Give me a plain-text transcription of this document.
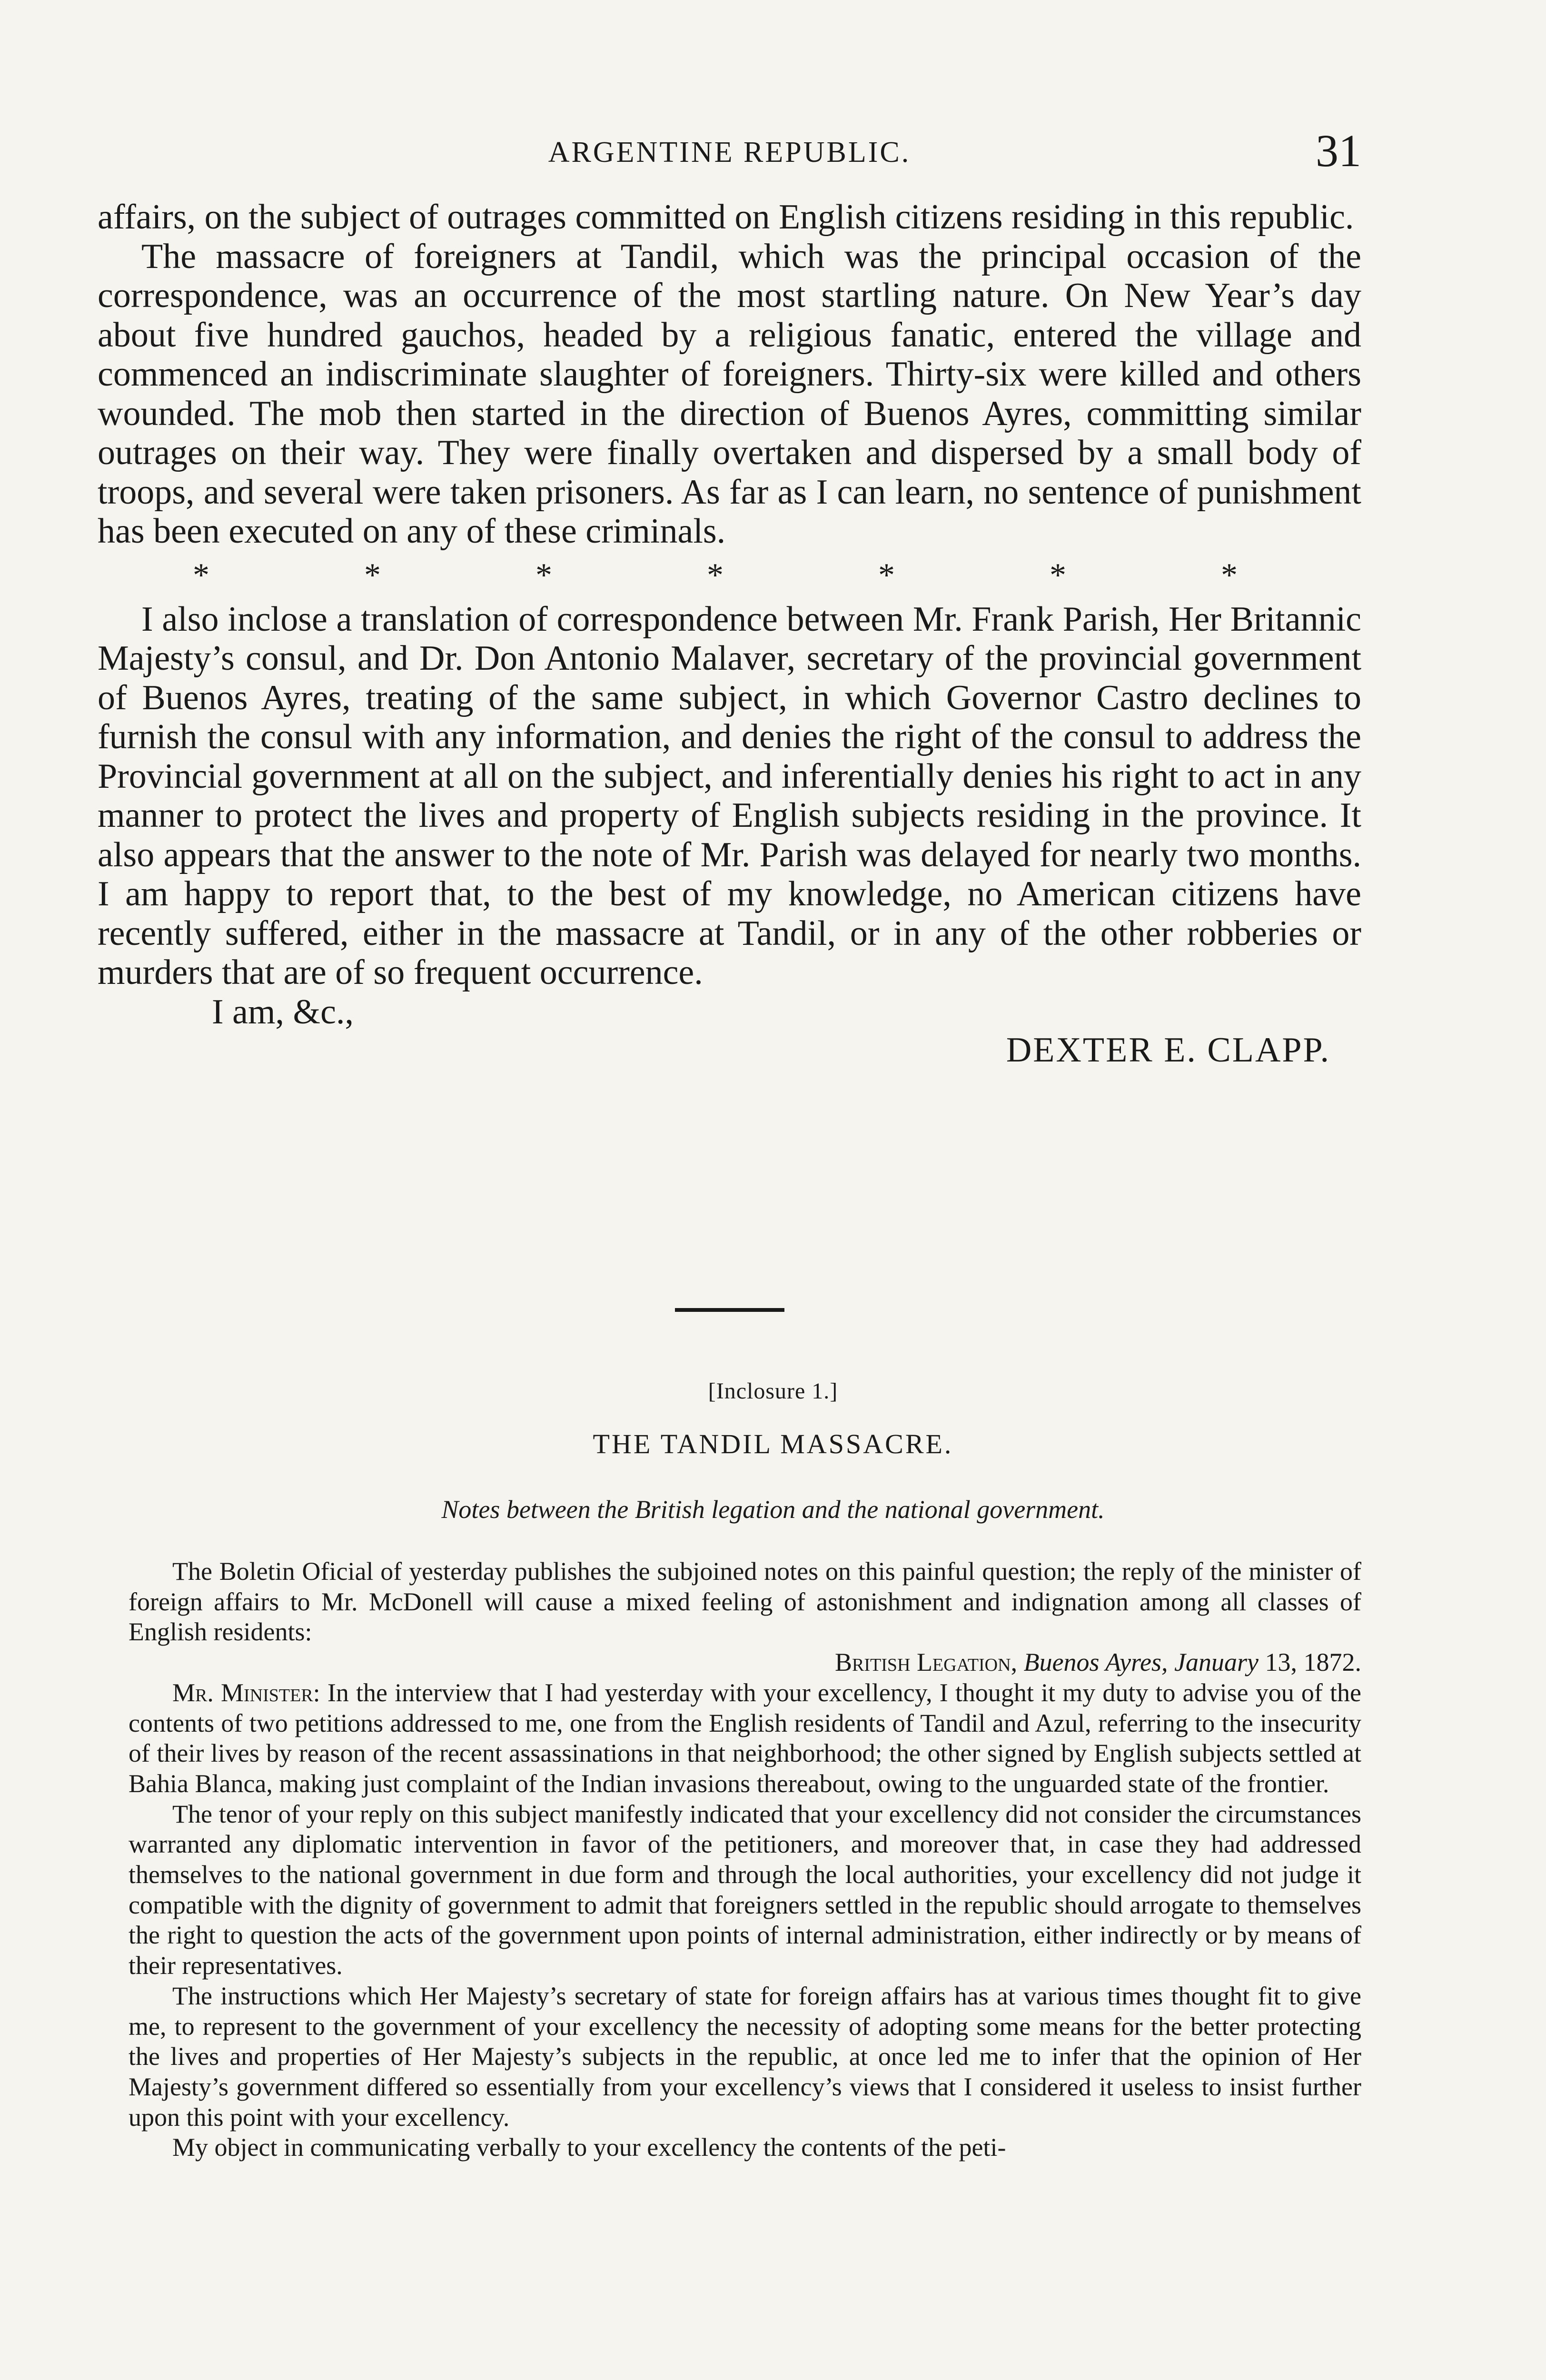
ARGENTINE REPUBLIC.	31

affairs, on the subject of outrages committed on English citizens residing in this republic.

The massacre of foreigners at Tandil, which was the principal occasion of the correspondence, was an occurrence of the most startling nature. On New Year’s day about five hundred gauchos, headed by a religious fanatic, entered the village and commenced an indiscriminate slaughter of foreigners. Thirty-six were killed and others wounded. The mob then started in the direction of Buenos Ayres, committing similar outrages on their way. They were finally overtaken and dispersed by a small body of troops, and several were taken prisoners. As far as I can learn, no sentence of punishment has been executed on any of these criminals.

*	*	*	*	*	*	*

I also inclose a translation of correspondence between Mr. Frank Parish, Her Britannic Majesty’s consul, and Dr. Don Antonio Malaver, secretary of the provincial government of Buenos Ayres, treating of the same subject, in which Governor Castro declines to furnish the consul with any information, and denies the right of the consul to address the Provincial government at all on the subject, and inferentially denies his right to act in any manner to protect the lives and property of English subjects residing in the province. It also appears that the answer to the note of Mr. Parish was delayed for nearly two months. I am happy to report that, to the best of my knowledge, no American citizens have recently suffered, either in the massacre at Tandil, or in any of the other robberies or murders that are of so frequent occurrence.

I am, &c.,
DEXTER E. CLAPP.
[Inclosure 1.]
THE TANDIL MASSACRE.
Notes between the British legation and the national government.

The Boletin Oficial of yesterday publishes the subjoined notes on this painful question; the reply of the minister of foreign affairs to Mr. McDonell will cause a mixed feeling of astonishment and indignation among all classes of English residents:

British Legation, Buenos Ayres, January 13, 1872.

Mr. Minister: In the interview that I had yesterday with your excellency, I thought it my duty to advise you of the contents of two petitions addressed to me, one from the English residents of Tandil and Azul, referring to the insecurity of their lives by reason of the recent assassinations in that neighborhood; the other signed by English subjects settled at Bahia Blanca, making just complaint of the Indian invasions thereabout, owing to the unguarded state of the frontier.

The tenor of your reply on this subject manifestly indicated that your excellency did not consider the circumstances warranted any diplomatic intervention in favor of the petitioners, and moreover that, in case they had addressed themselves to the national government in due form and through the local authorities, your excellency did not judge it compatible with the dignity of government to admit that foreigners settled in the republic should arrogate to themselves the right to question the acts of the government upon points of internal administration, either indirectly or by means of their representatives.

The instructions which Her Majesty’s secretary of state for foreign affairs has at various times thought fit to give me, to represent to the government of your excellency the necessity of adopting some means for the better protecting the lives and properties of Her Majesty’s subjects in the republic, at once led me to infer that the opinion of Her Majesty’s government differed so essentially from your excellency’s views that I considered it useless to insist further upon this point with your excellency.

My object in communicating verbally to your excellency the contents of the peti-
